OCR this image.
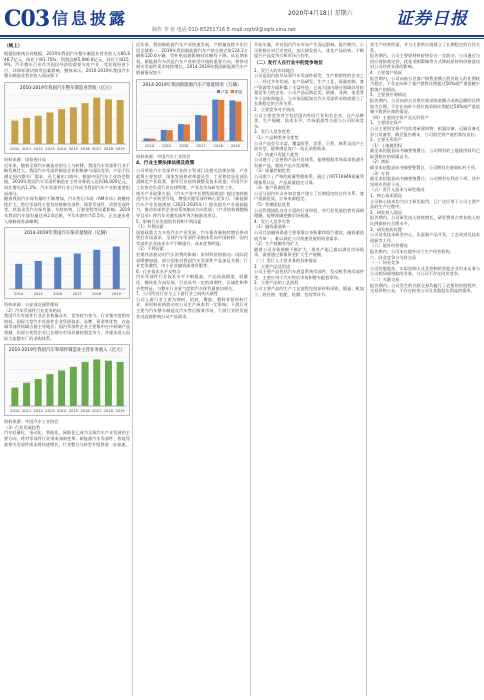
C03 信息披露	2020年4月18日 星期六	证券日报
制作 李 征 电话 010-83251716 E-mail:zqrb9@zqrb.sina.net
（续上）
根据国家统计局数据，2019年我国汽车整车制造业营业收入为80,846.7亿元，同比下降1.75%；利润总额5,086.8亿元，同比下降15.9%。汽车整车行业作为国民经济的重要支柱产业，受宏观经济下行、环保标准切换等因素影响，整体承压。2010-2019年我国汽车整车制造业营业收入情况如下：
2010-2019年我国汽车整车制造业营收（亿元）
2010 2011 2012 2013 2014 2015 2016 2017 2018 2019
资料来源：国家统计局
近年来，随着全球汽车制造业的分工与转移，我国汽车零部件行业不断发展壮大。我国汽车零部件制造企业积极参与国际竞争，产品不仅满足国内整车厂需求，还大量出口海外。根据中国汽车工业协会数据，2019年我国汽车零部件制造业主营业务收入达到36,000亿元，同比增长约1.2%。汽车零部件行业已经成为我国汽车产业的重要组成部分。
随着我国汽车保有量的不断增加，汽车售后市场（AM市场）规模持续扩大。售后零部件主要包括维修零部件、保养零部件、改装零部件等，其需求受汽车保有量、车龄结构、行驶里程等因素影响。2019年我国汽车保有量达到2.6亿辆，平均车龄约为5.5年，正在逐步进入维修保养高峰期。
2014-2019年我国汽车保有量情况（亿辆）
2014	2015	2016	2017	2018	2019
资料来源：公安部交通管理局
（2）汽车零部件行业竞争格局
我国汽车零部件行业企业数量众多，竞争较为充分，行业集中度相对较低。国际大型汽车零部件企业凭借技术、品牌、资金等优势，在高端零部件领域占据主导地位；国内零部件企业主要集中在中低端产品领域，但部分优势企业已在细分市场具备较强竞争力，并逐步进入国际主流整车厂的采购体系。
2010-2019年我国汽车零部件制造业主营业务收入（亿元）
2010 2011 2012 2013 2014 2015 2016 2017 2018 2019
资料来源：中国汽车工业协会
（3）行业发展趋势
汽车轻量化、电动化、智能化、网联化已成为全球汽车产业发展的主要方向，将对零部件行业带来深刻变革。新能源汽车零部件、智能驾驶相关零部件需求将快速增长，行业整合与转型升级将进一步加速。
近年来，我国新能源汽车产业快速发展，产销量连续多年位居全球第一。2019年我国新能源汽车产销分别完成124.2万辆和120.6万辆，受补贴退坡影响同比略有下降。从长期来看，新能源汽车仍是汽车产业转型升级的重要方向，将带动相关零部件需求持续增长。2014-2019年我国新能源汽车产销量情况如下：
2014-2019年我国新能源汽车产销量情况（万辆）
2014 2015 2016 2017 2018 2019
产量 销量
资料来源：中国汽车工业协会
4、行业主要法律法规及政策
公司所处汽车零部件行业的主管部门及相关法律法规、产业政策主要包括：国家发展和改革委员会、工业和信息化部负责制定产业政策，指导行业结构调整及技术改造；中国汽车工业协会负责行业自律管理、产业及市场研究等工作。
相关产业政策方面，《汽车产业中长期发展规划》提出加快推进汽车产业转型升级，增强关键零部件核心竞争力；《新能源汽车产业发展规划（2021-2035年）》提出提升产业基础能力，推动零部件企业向系统集成方向发展；《产业结构调整指导目录》将汽车关键零部件列为鼓励类项目。
5、影响行业发展的有利和不利因素
（1）有利因素
国家政策大力支持汽车产业发展，汽车保有量持续增长带动售后市场需求；全球汽车零部件采购体系向中国转移；国内零部件企业技术水平不断提升，成本优势明显。
（2）不利因素
宏观经济波动对汽车消费的影响；原材料价格波动；国际贸易摩擦加剧，部分国家对我国汽车零部件产品加征关税；行业竞争激烈，中小企业融资渠道有限等。
6、行业技术水平及特点
汽车零部件行业技术水平不断提高，产品向高精度、轻量化、模块化方向发展。行业具有一定的周期性、区域性和季节性特征，与整车行业景气度和汽车保有量密切相关。
7、公司所处行业与上下游行业之间的关联性
公司上游行业主要为钢材、铝材、橡胶、塑料等原材料行业，原材料价格波动对公司生产成本有一定影响；下游行业主要为汽车整车制造及汽车售后服务市场，下游行业的发展状况直接影响公司产品需求。
开始实施，并对国内汽车市场产生深远影响。报告期内，公司积极应对行业变化，加大研发投入，优化产品结构，不断提升产品竞争力和市场占有率。
（二）发行人在行业中的竞争地位
1、发行人的市场地位
公司是国内较早从事汽车零部件研发、生产和销售的企业之一，经过多年发展，在产品研发、生产工艺、质量控制、客户资源等方面积累了丰富经验，已成为国内细分领域具有较强竞争力的企业。公司产品远销北美、欧洲、亚洲、南美等多个国家和地区，与多家国际知名汽车零部件采购商建立了长期稳定的合作关系。
2、主要竞争对手情况
公司主要竞争对手包括国内外同行业知名企业，在产品种类、生产规模、技术水平、市场渠道等方面与公司形成竞争。
3、发行人竞争优势
（1）产品种类齐全优势
公司产品型号丰富，覆盖欧系、美系、日系、韩系及国产主流车型，能够满足客户一站式采购需求。
（2）快速开发能力优势
公司建立了完善的产品开发体系，能够根据市场需求快速开发新产品，缩短产品开发周期。
（3）质量控制优势
公司建立了严格的质量管理体系，通过了IATF16949质量管理体系认证，产品质量稳定可靠。
（4）客户资源优势
公司与国内外众多知名客户建立了长期稳定的合作关系，客户资源优质，订单来源稳定。
（5）管理团队优势
公司管理团队具有丰富的行业经验，对行业发展趋势有深刻理解，能够准确把握市场机遇。
4、发行人竞争劣势
（1）融资渠道单一
公司目前融资渠道主要依靠自身积累和银行借款，融资渠道较为单一，难以满足公司快速发展的资金需求。
（2）生产规模有待扩大
随着公司业务规模不断扩大，现有产能已难以满足市场需求，需要通过募集资金扩大生产规模。
（三）发行人主营业务的具体情况
1、主要产品及用途
公司主要产品包括汽车底盘系统零部件、发动机系统零部件等，主要应用于汽车售后市场和整车配套市场。
2、主要产品的工艺流程
公司主要产品的生产工艺流程包括原材料采购、锻造、机加工、热处理、装配、检测、包装等环节。
常生产经营所需，并与主要供应商建立了长期稳定的合作关系。
报告期内，公司主要原材料价格存在一定波动，公司通过与供应商协商定价、优化采购策略等方式降低原材料价格波动对公司经营业绩的影响。
4、主要客户情况
报告期内，公司向前五名客户销售金额占营业收入的比例较为稳定，不存在向单个客户销售比例超过50%或严重依赖少数客户的情况。
5、主要供应商情况
报告期内，公司向前五名供应商采购金额占采购总额的比例较为合理，不存在向单个供应商采购比例超过50%或严重依赖少数供应商的情况。
（四）主要固定资产及无形资产
1、主要固定资产
公司主要固定资产包括房屋建筑物、机器设备、运输设备及办公设备等，截至报告期末，公司固定资产使用状况良好。
2、主要无形资产
（1）土地使用权
截至本招股意向书摘要签署日，公司拥有的土地使用权均已取得相应的权属证书。
（2）商标
截至本招股意向书摘要签署日，公司拥有注册商标若干项。
（3）专利
截至本招股意向书摘要签署日，公司拥有专利若干项，其中发明专利若干项。
（五）发行人技术与研发情况
1、核心技术情况
公司核心技术均为自主研发取得，已广泛应用于公司主要产品的生产过程中。
2、研发投入情况
报告期内，公司研发投入持续增长，研发费用占营业收入的比例保持在合理水平。
3、研发机构设置
公司设有技术研发中心，负责新产品开发、工艺改进及技术创新等工作。
（六）境外经营情况
报告期内，公司未在境外设立生产经营机构。
六、同业竞争与关联交易
（一）同业竞争
公司控股股东、实际控制人及其控制的其他企业均未从事与公司相同或相似的业务，与公司不存在同业竞争。
（二）关联交易
报告期内，公司发生的关联交易均履行了必要的审批程序，交易价格公允，不存在损害公司及其他股东利益的情形。
